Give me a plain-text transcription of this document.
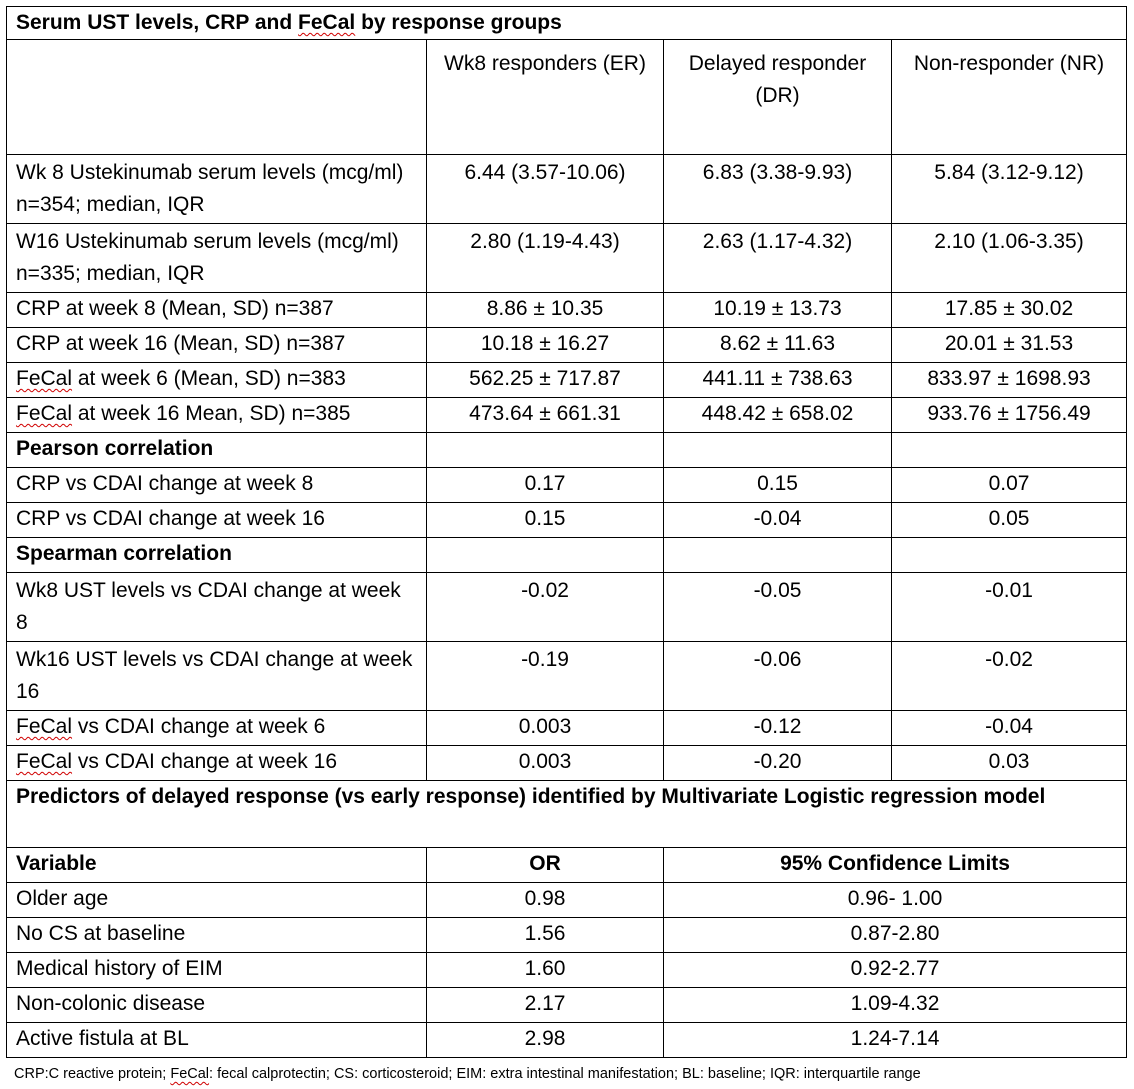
Serum UST levels, CRP and FeCal by response groups			
	Wk8 responders (ER)	Delayed responder (DR)	Non-responder (NR)
Wk 8 Ustekinumab serum levels (mcg/ml) n=354; median, IQR	6.44 (3.57-10.06)	6.83 (3.38-9.93)	5.84 (3.12-9.12)
W16 Ustekinumab serum levels (mcg/ml) n=335; median, IQR	2.80 (1.19-4.43)	2.63 (1.17-4.32)	2.10 (1.06-3.35)
CRP at week 8 (Mean, SD) n=387	8.86 ± 10.35	10.19 ± 13.73	17.85 ± 30.02
CRP at week 16 (Mean, SD) n=387	10.18 ± 16.27	8.62 ± 11.63	20.01 ± 31.53
FeCal at week 6 (Mean, SD) n=383	562.25 ± 717.87	441.11 ± 738.63	833.97 ± 1698.93
FeCal at week 16 Mean, SD) n=385	473.64 ± 661.31	448.42 ± 658.02	933.76 ± 1756.49
Pearson correlation			
CRP vs CDAI change at week 8	0.17	0.15	0.07
CRP vs CDAI change at week 16	0.15	-0.04	0.05
Spearman correlation			
Wk8 UST levels vs CDAI change at week 8	-0.02	-0.05	-0.01
Wk16 UST levels vs CDAI change at week 16	-0.19	-0.06	-0.02
FeCal vs CDAI change at week 6	0.003	-0.12	-0.04
FeCal vs CDAI change at week 16	0.003	-0.20	0.03
Predictors of delayed response (vs early response) identified by Multivariate Logistic regression model			
Variable	OR	95% Confidence Limits	
Older age	0.98	0.96- 1.00	
No CS at baseline	1.56	0.87-2.80	
Medical history of EIM	1.60	0.92-2.77	
Non-colonic disease	2.17	1.09-4.32	
Active fistula at BL	2.98	1.24-7.14	
CRP:C reactive protein; FeCal: fecal calprotectin; CS: corticosteroid; EIM: extra intestinal manifestation; BL: baseline; IQR: interquartile range
